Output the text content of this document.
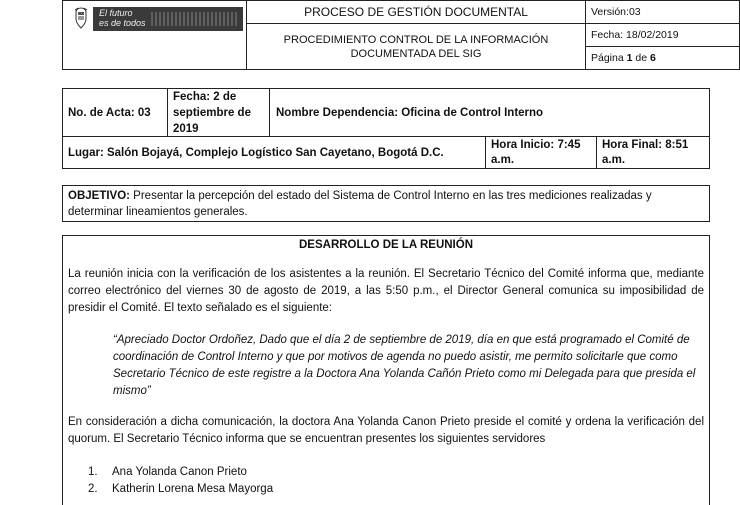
El futuro
es de todos
PROCESO DE GESTIÓN DOCUMENTAL
PROCEDIMIENTO CONTROL DE LA INFORMACIÓN DOCUMENTADA DEL SIG
Versión:03
Fecha: 18/02/2019
Página 1 de 6
No. de Acta: 03
Fecha: 2 de septiembre de 2019
Nombre Dependencia: Oficina de Control Interno
Lugar: Salón Bojayá, Complejo Logístico San Cayetano, Bogotá D.C.
Hora Inicio: 7:45 a.m.
Hora Final: 8:51 a.m.
OBJETIVO: Presentar la percepción del estado del Sistema de Control Interno en las tres mediciones realizadas y determinar lineamientos generales.
DESARROLLO DE LA REUNIÓN

La reunión inicia con la verificación de los asistentes a la reunión. El Secretario Técnico del Comité informa que, mediante correo electrónico del viernes 30 de agosto de 2019, a las 5:50 p.m., el Director General comunica su imposibilidad de presidir el Comité. El texto señalado es el siguiente:

“Apreciado Doctor Ordoñez, Dado que el día 2 de septiembre de 2019, día en que está programado el Comité de coordinación de Control Interno y que por motivos de agenda no puedo asistir, me permito solicitarle que como Secretario Técnico de este registre a la Doctora Ana Yolanda Cañón Prieto como mi Delegada para que presida el mismo”

En consideración a dicha comunicación, la doctora Ana Yolanda Canon Prieto preside el comité y ordena la verificación del quorum. El Secretario Técnico informa que se encuentran presentes los siguientes servidores

1.	Ana Yolanda Canon Prieto
2.	Katherin Lorena Mesa Mayorga
